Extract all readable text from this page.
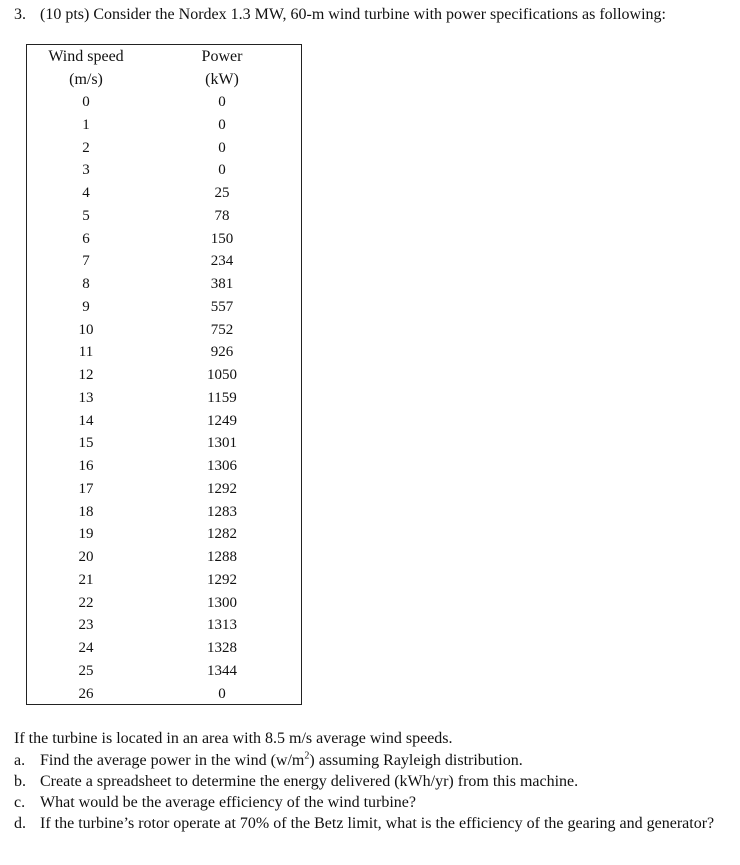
3. (10 pts) Consider the Nordex 1.3 MW, 60-m wind turbine with power specifications as following:
Wind speed
(m/s)
0
1
2
3
4
5
6
7
8
9
10
11
12
13
14
15
16
17
18
19
20
21
22
23
24
25
26
Power
(kW)
0
0
0
0
25
78
150
234
381
557
752
926
1050
1159
1249
1301
1306
1292
1283
1282
1288
1292
1300
1313
1328
1344
0
If the turbine is located in an area with 8.5 m/s average wind speeds.
a. Find the average power in the wind $(w/m^2)$ assuming Rayleigh distribution.
b. Create a spreadsheet to determine the energy delivered (kWh/yr) from this machine.
c. What would be the average efficiency of the wind turbine?
d. If the turbine’s rotor operate at 70% of the Betz limit, what is the efficiency of the gearing and generator?
